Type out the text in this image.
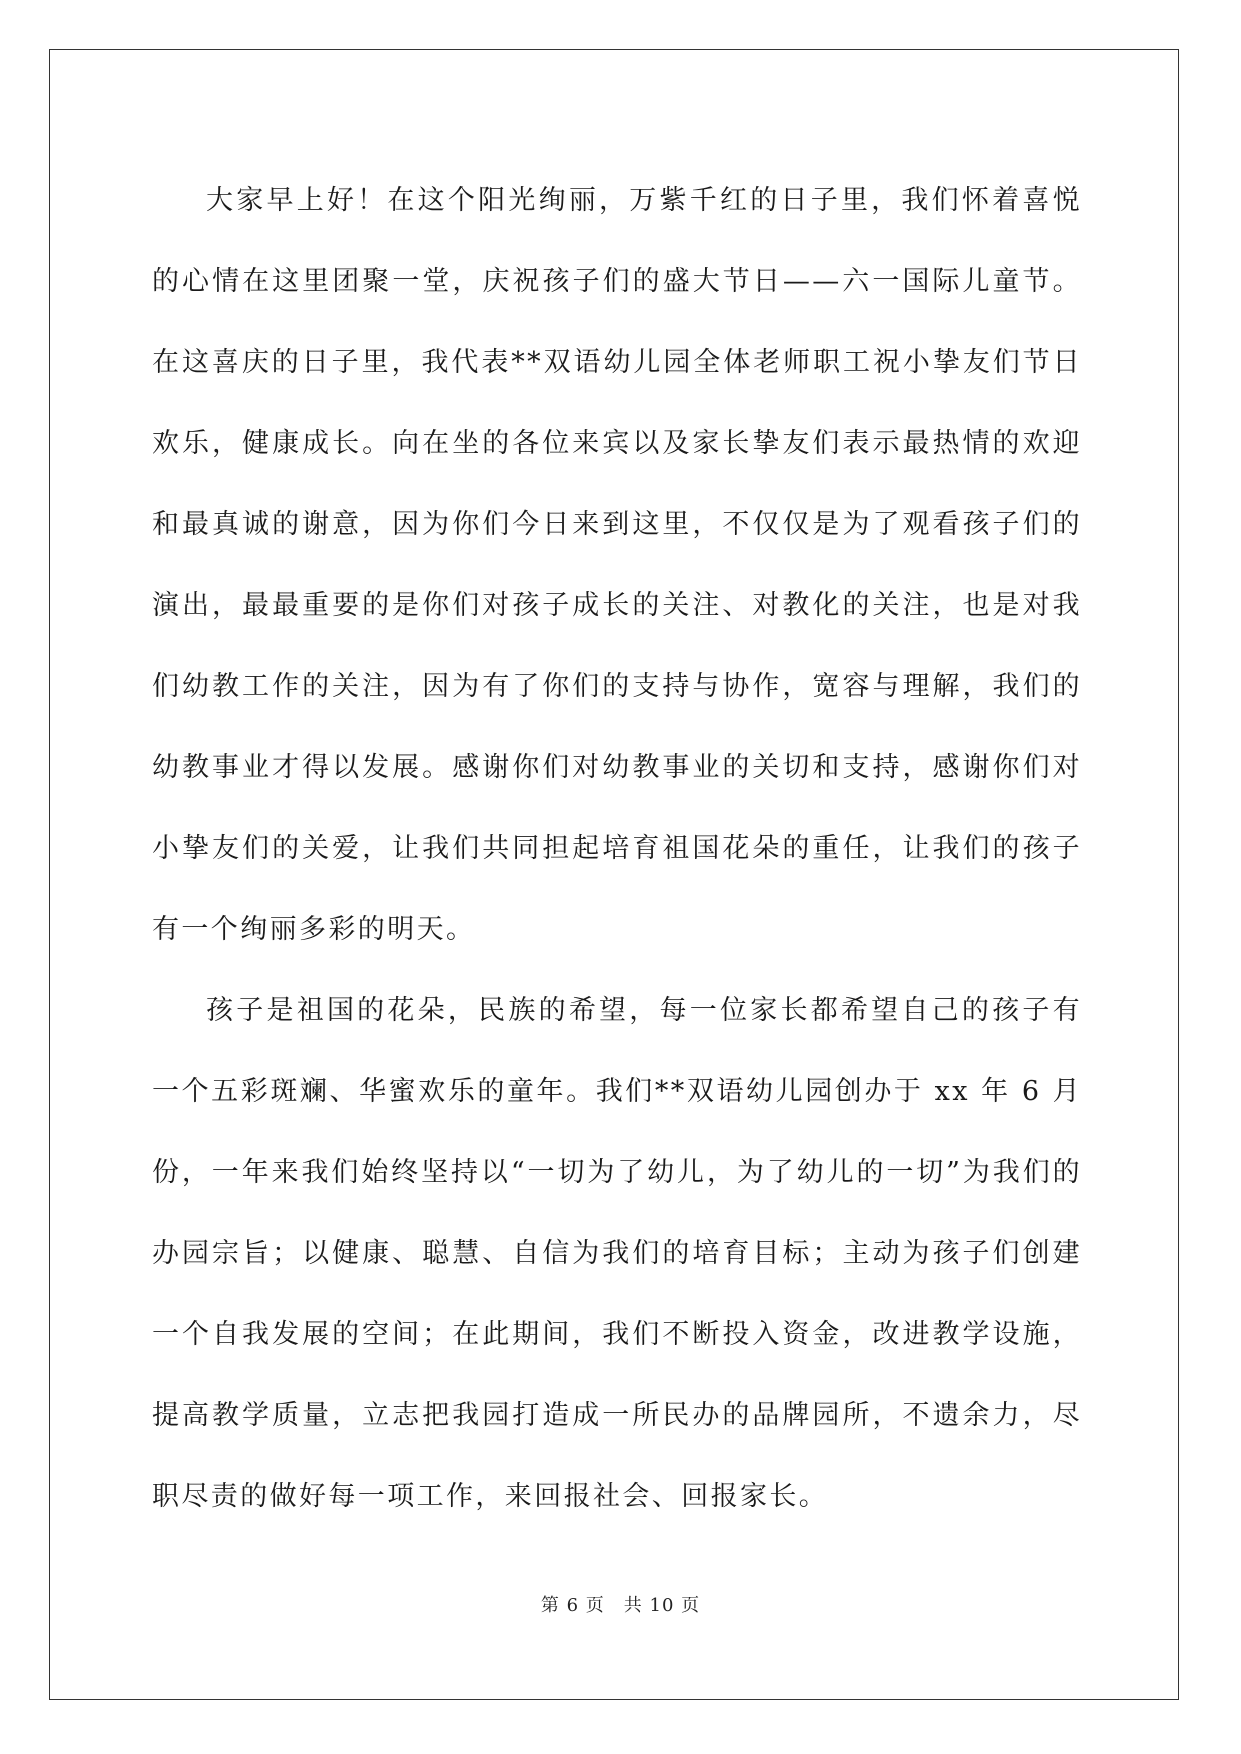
大家早上好！在这个阳光绚丽，万紫千红的日子里，我们怀着喜悦的心情在这里团聚一堂，庆祝孩子们的盛大节日——六一国际儿童节。在这喜庆的日子里，我代表**双语幼儿园全体老师职工祝小挚友们节日欢乐，健康成长。向在坐的各位来宾以及家长挚友们表示最热情的欢迎和最真诚的谢意，因为你们今日来到这里，不仅仅是为了观看孩子们的演出，最最重要的是你们对孩子成长的关注、对教化的关注，也是对我们幼教工作的关注，因为有了你们的支持与协作，宽容与理解，我们的幼教事业才得以发展。感谢你们对幼教事业的关切和支持，感谢你们对小挚友们的关爱，让我们共同担起培育祖国花朵的重任，让我们的孩子有一个绚丽多彩的明天。

孩子是祖国的花朵，民族的希望，每一位家长都希望自己的孩子有一个五彩斑斓、华蜜欢乐的童年。我们**双语幼儿园创办于 xx 年 6 月份，一年来我们始终坚持以“一切为了幼儿，为了幼儿的一切”为我们的办园宗旨；以健康、聪慧、自信为我们的培育目标；主动为孩子们创建一个自我发展的空间；在此期间，我们不断投入资金，改进教学设施，提高教学质量，立志把我园打造成一所民办的品牌园所，不遗余力，尽职尽责的做好每一项工作，来回报社会、回报家长。

第 6 页　共 10 页
